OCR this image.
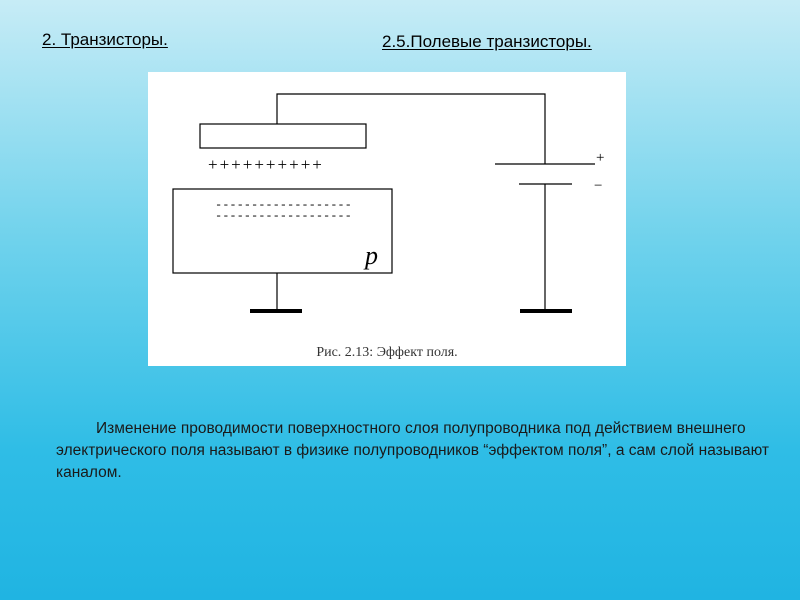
2. Транзисторы.	2.5.Полевые транзисторы.
++++++++++
-------------------
-------------------
p
+
−
Рис. 2.13: Эффект поля.

Изменение проводимости поверхностного слоя полупроводника под действием внешнего электрического поля называют в физике полупроводников “эффектом поля”, а сам слой называют каналом.
